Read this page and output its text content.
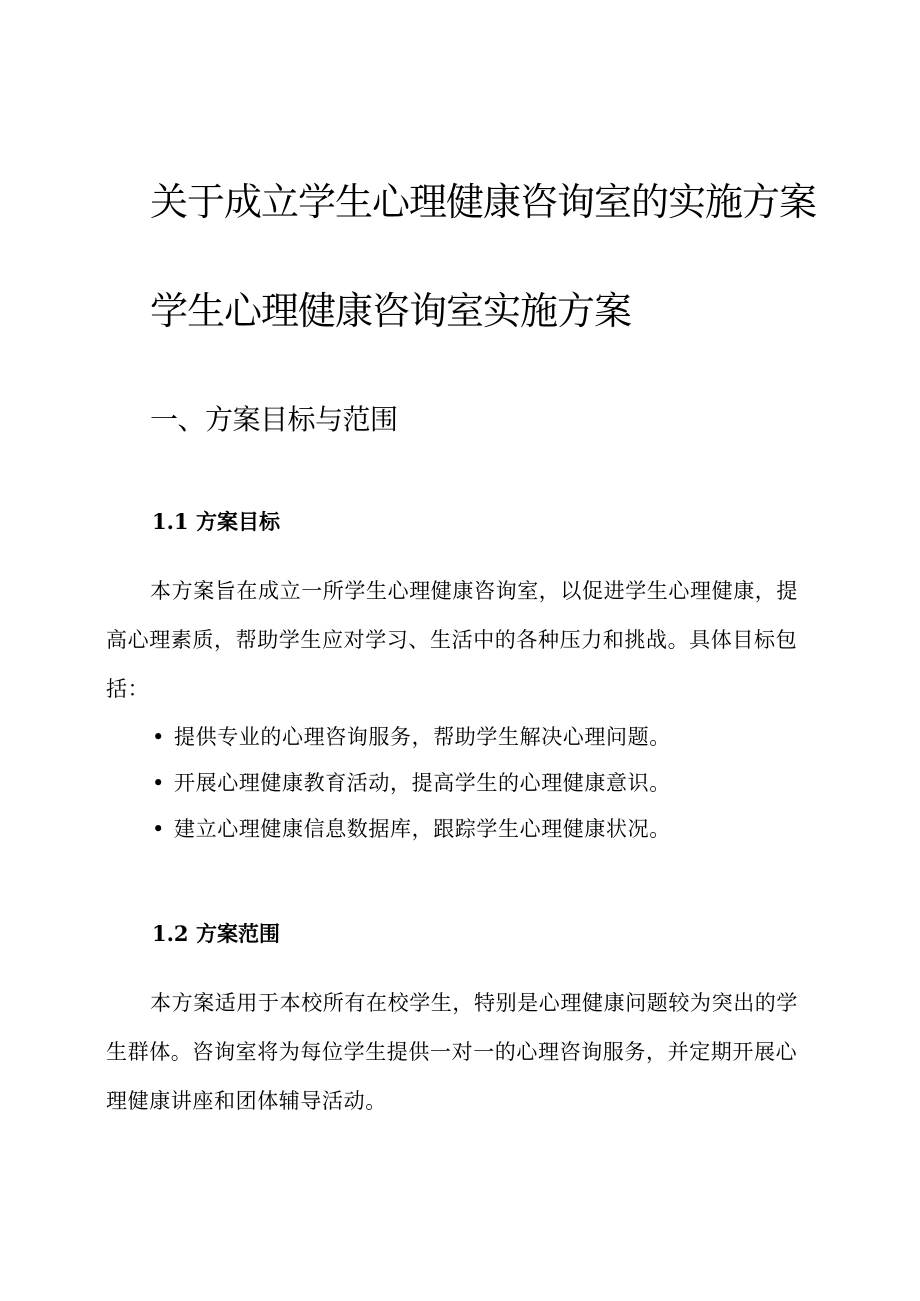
关于成立学生心理健康咨询室的实施方案
学生心理健康咨询室实施方案
一、方案目标与范围
1.1 方案目标

本方案旨在成立一所学生心理健康咨询室，以促进学生心理健康，提高心理素质，帮助学生应对学习、生活中的各种压力和挑战。具体目标包括：

• 提供专业的心理咨询服务，帮助学生解决心理问题。
• 开展心理健康教育活动，提高学生的心理健康意识。
• 建立心理健康信息数据库，跟踪学生心理健康状况。
1.2 方案范围

本方案适用于本校所有在校学生，特别是心理健康问题较为突出的学生群体。咨询室将为每位学生提供一对一的心理咨询服务，并定期开展心理健康讲座和团体辅导活动。
